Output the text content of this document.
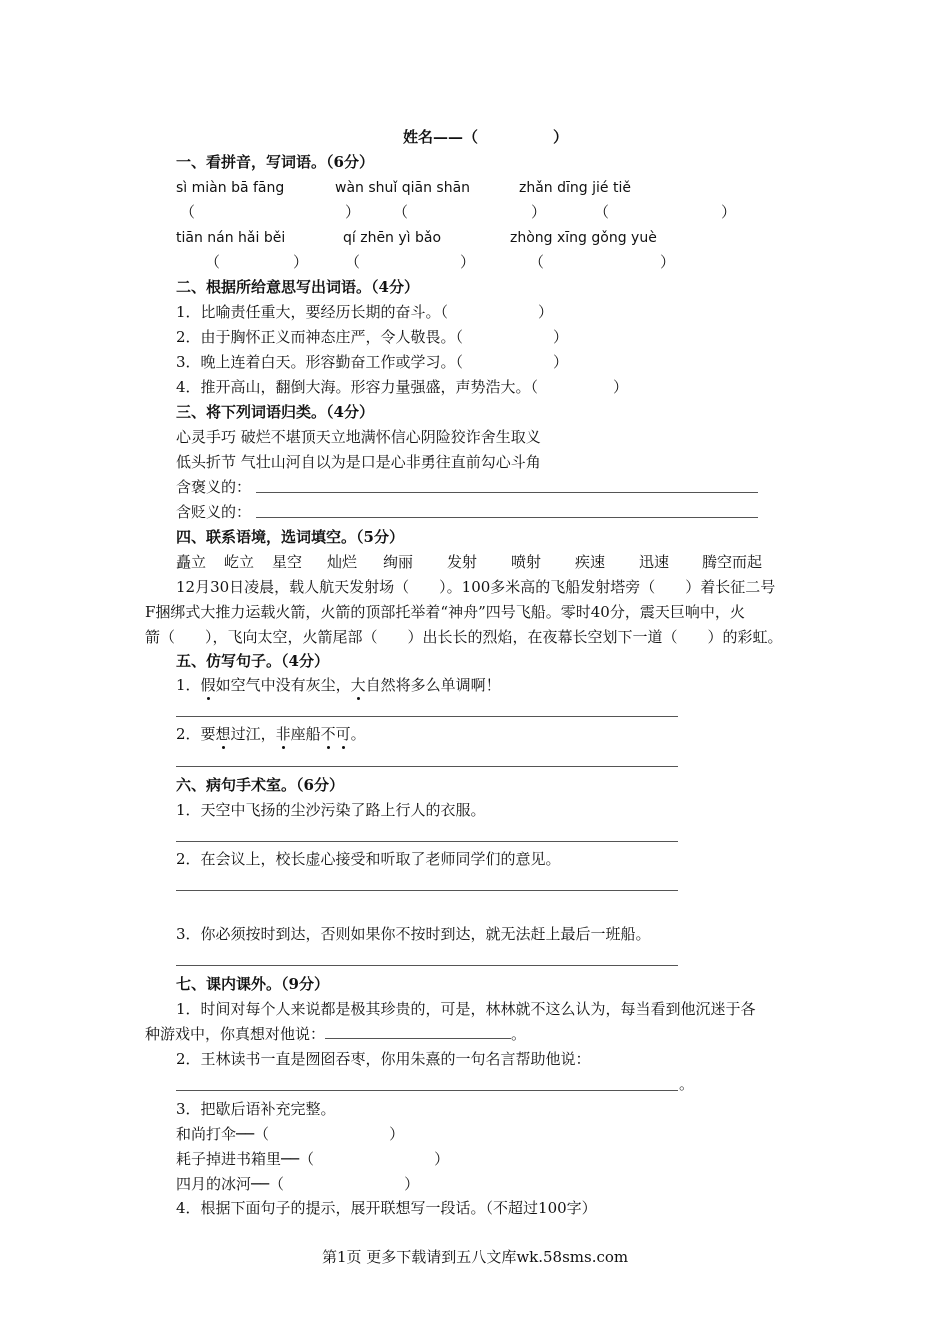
姓名——（　　　　　）
一、看拼音，写词语。（6分）
sì miàn bā fāng	wàn shuǐ qiān shān	zhǎn dīng jié tiě
（	） （	）	（	）
tiān nán hǎi běi	qí zhēn yì bǎo	zhòng xīng gǒng yuè
（	） （	）	（	）
二、根据所给意思写出词语。（4分）
1．比喻责任重大，要经历长期的奋斗。（　　　　　　）
2．由于胸怀正义而神态庄严，令人敬畏。（　　　　　　）
3．晚上连着白天。形容勤奋工作或学习。（　　　　　　）
4．推开高山，翻倒大海。形容力量强盛，声势浩大。（　　　　　）
三、将下列词语归类。（4分）
心灵手巧 破烂不堪顶天立地满怀信心阴险狡诈舍生取义
低头折节 气壮山河自以为是口是心非勇往直前勾心斗角
含褒义的：
含贬义的：
四、联系语境，选词填空。（5分）
矗立 屹立 星空 灿烂 绚丽 发射 喷射 疾速 迅速 腾空而起
12月30日凌晨，载人航天发射场（　　）。100多米高的飞船发射塔旁（　　）着长征二号
F捆绑式大推力运载火箭，火箭的顶部托举着“神舟”四号飞船。零时40分，震天巨响中，火
箭（　　），飞向太空，火箭尾部（　　）出长长的烈焰，在夜幕长空划下一道（　　）的彩虹。
五、仿写句子。（4分）
1．假如空气中没有灰尘，大自然将多么单调啊！
2．要想过江，非座船不可。
六、病句手术室。（6分）
1．天空中飞扬的尘沙污染了路上行人的衣服。
2．在会议上，校长虚心接受和听取了老师同学们的意见。
3．你必须按时到达，否则如果你不按时到达，就无法赶上最后一班船。
七、课内课外。（9分）
1．时间对每个人来说都是极其珍贵的，可是，林林就不这么认为，每当看到他沉迷于各
种游戏中，你真想对他说：	。
2．王林读书一直是囫囵吞枣，你用朱熹的一句名言帮助他说：
。
3．把歇后语补充完整。
和尚打伞──（　　　　　　　　）
耗子掉进书箱里──（　　　　　　　　）
四月的冰河──（　　　　　　　　）
4．根据下面句子的提示，展开联想写一段话。（不超过100字）
第1页 更多下载请到五八文库wk.58sms.com
